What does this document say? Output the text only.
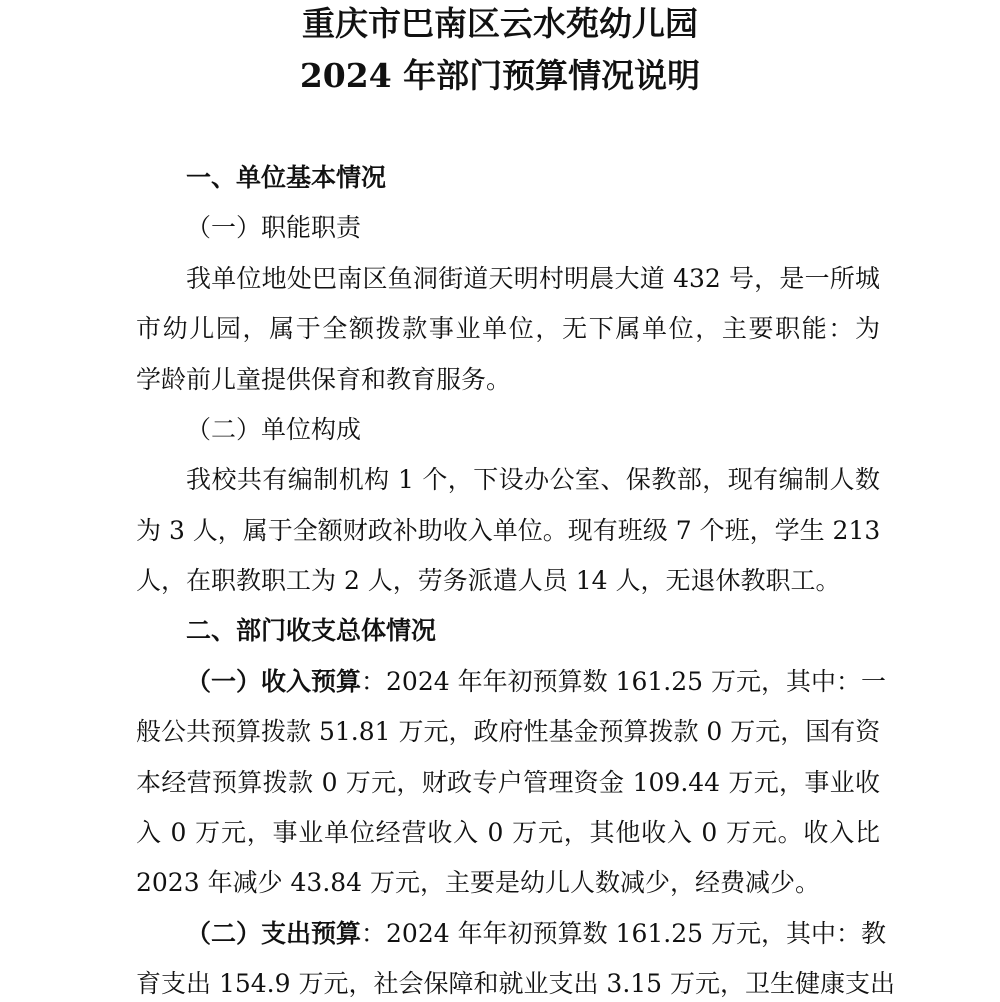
重庆市巴南区云水苑幼儿园
2024 年部门预算情况说明
一、单位基本情况
（一）职能职责
我单位地处巴南区鱼洞街道天明村明晨大道 432 号，是一所城
市幼儿园，属于全额拨款事业单位，无下属单位，主要职能：为
学龄前儿童提供保育和教育服务。
（二）单位构成
我校共有编制机构 1 个，下设办公室、保教部，现有编制人数
为 3 人，属于全额财政补助收入单位。现有班级 7 个班，学生 213
人，在职教职工为 2 人，劳务派遣人员 14 人，无退休教职工。
二、部门收支总体情况
（一）收入预算：2024 年年初预算数 161.25 万元，其中：一
般公共预算拨款 51.81 万元，政府性基金预算拨款 0 万元，国有资
本经营预算拨款 0 万元，财政专户管理资金 109.44 万元，事业收
入 0 万元，事业单位经营收入 0 万元，其他收入 0 万元。收入比
2023 年减少 43.84 万元，主要是幼儿人数减少，经费减少。
（二）支出预算：2024 年年初预算数 161.25 万元，其中：教
育支出 154.9 万元，社会保障和就业支出 3.15 万元，卫生健康支出
